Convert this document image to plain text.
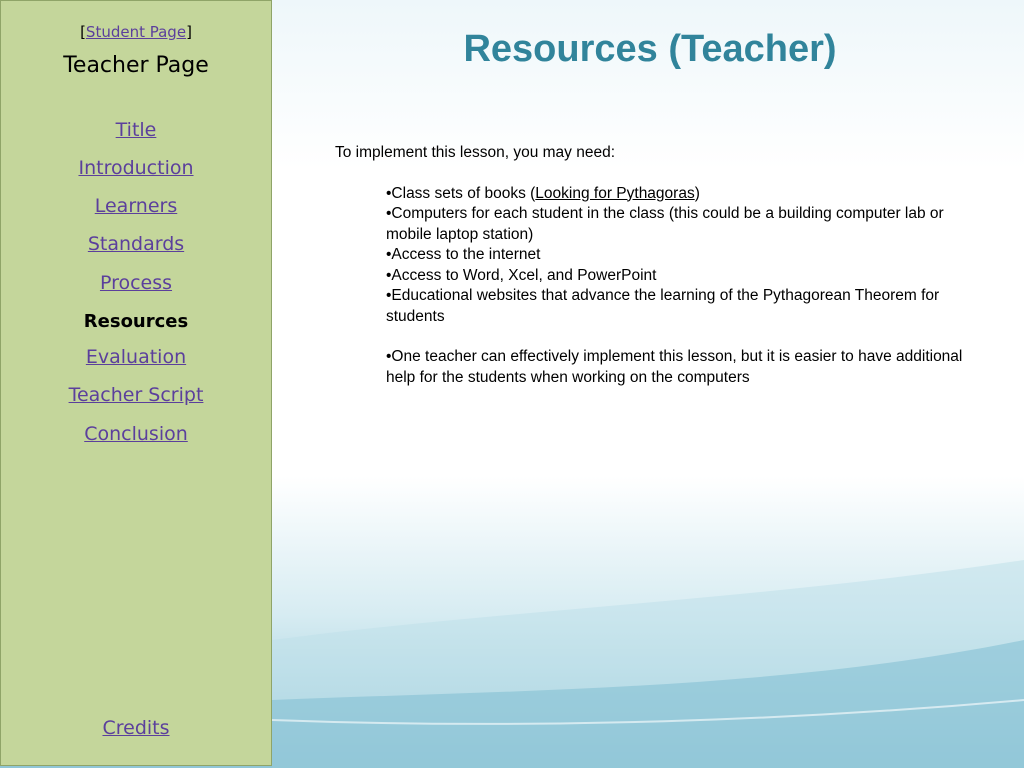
[Student Page]
Teacher Page
Title
Introduction
Learners
Standards
Process
Resources
Evaluation
Teacher Script
Conclusion
Credits
Resources (Teacher)

To implement this lesson, you may need:

•Class sets of books (Looking for Pythagoras)

•Computers for each student in the class (this could be a building computer lab or mobile laptop station)

•Access to the internet

•Access to Word, Xcel, and PowerPoint

•Educational websites that advance the learning of the Pythagorean Theorem for students

•One teacher can effectively implement this lesson, but it is easier to have additional help for the students when working on the computers
